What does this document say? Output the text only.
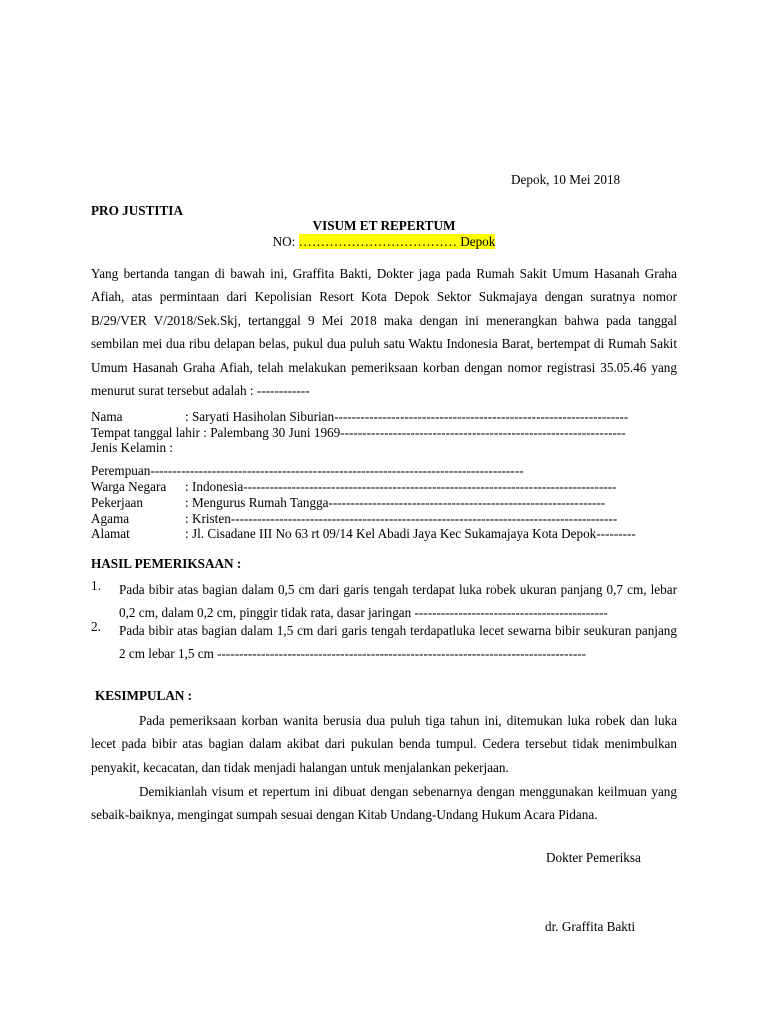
Depok, 10 Mei 2018
PRO JUSTITIA
VISUM ET REPERTUM
NO: ……………………………… Depok
Yang bertanda tangan di bawah ini, Graffita Bakti, Dokter jaga pada Rumah Sakit Umum Hasanah Graha Afiah, atas permintaan dari Kepolisian Resort Kota Depok Sektor Sukmajaya dengan suratnya nomor B/29/VER V/2018/Sek.Skj, tertanggal 9 Mei 2018 maka dengan ini menerangkan bahwa pada tanggal sembilan mei dua ribu delapan belas, pukul dua puluh satu Waktu Indonesia Barat, bertempat di Rumah Sakit Umum Hasanah Graha Afiah, telah melakukan pemeriksaan korban dengan nomor registrasi 35.05.46 yang menurut surat tersebut adalah : ------------
Nama	: Saryati Hasiholan Siburian-------------------------------------------------------------------
Tempat tanggal lahir : Palembang 30 Juni 1969-----------------------------------------------------------------
Jenis Kelamin :
Perempuan-------------------------------------------------------------------------------------
Warga Negara : Indonesia-------------------------------------------------------------------------------------
Pekerjaan	: Mengurus Rumah Tangga---------------------------------------------------------------
Agama	: Kristen----------------------------------------------------------------------------------------
Alamat	: Jl. Cisadane III No 63 rt 09/14 Kel Abadi Jaya Kec Sukamajaya Kota Depok---------
HASIL PEMERIKSAAN :
1. Pada bibir atas bagian dalam 0,5 cm dari garis tengah terdapat luka robek ukuran panjang 0,7 cm, lebar 0,2 cm, dalam 0,2 cm, pinggir tidak rata, dasar jaringan --------------------------------------------
2. Pada bibir atas bagian dalam 1,5 cm dari garis tengah terdapatluka lecet sewarna bibir seukuran panjang 2 cm lebar 1,5 cm ------------------------------------------------------------------------------------
KESIMPULAN :
Pada pemeriksaan korban wanita berusia dua puluh tiga tahun ini, ditemukan luka robek dan luka lecet pada bibir atas bagian dalam akibat dari pukulan benda tumpul. Cedera tersebut tidak menimbulkan penyakit, kecacatan, dan tidak menjadi halangan untuk menjalankan pekerjaan.
Demikianlah visum et repertum ini dibuat dengan sebenarnya dengan menggunakan keilmuan yang sebaik-baiknya, mengingat sumpah sesuai dengan Kitab Undang-Undang Hukum Acara Pidana.
Dokter Pemeriksa
dr. Graffita Bakti
